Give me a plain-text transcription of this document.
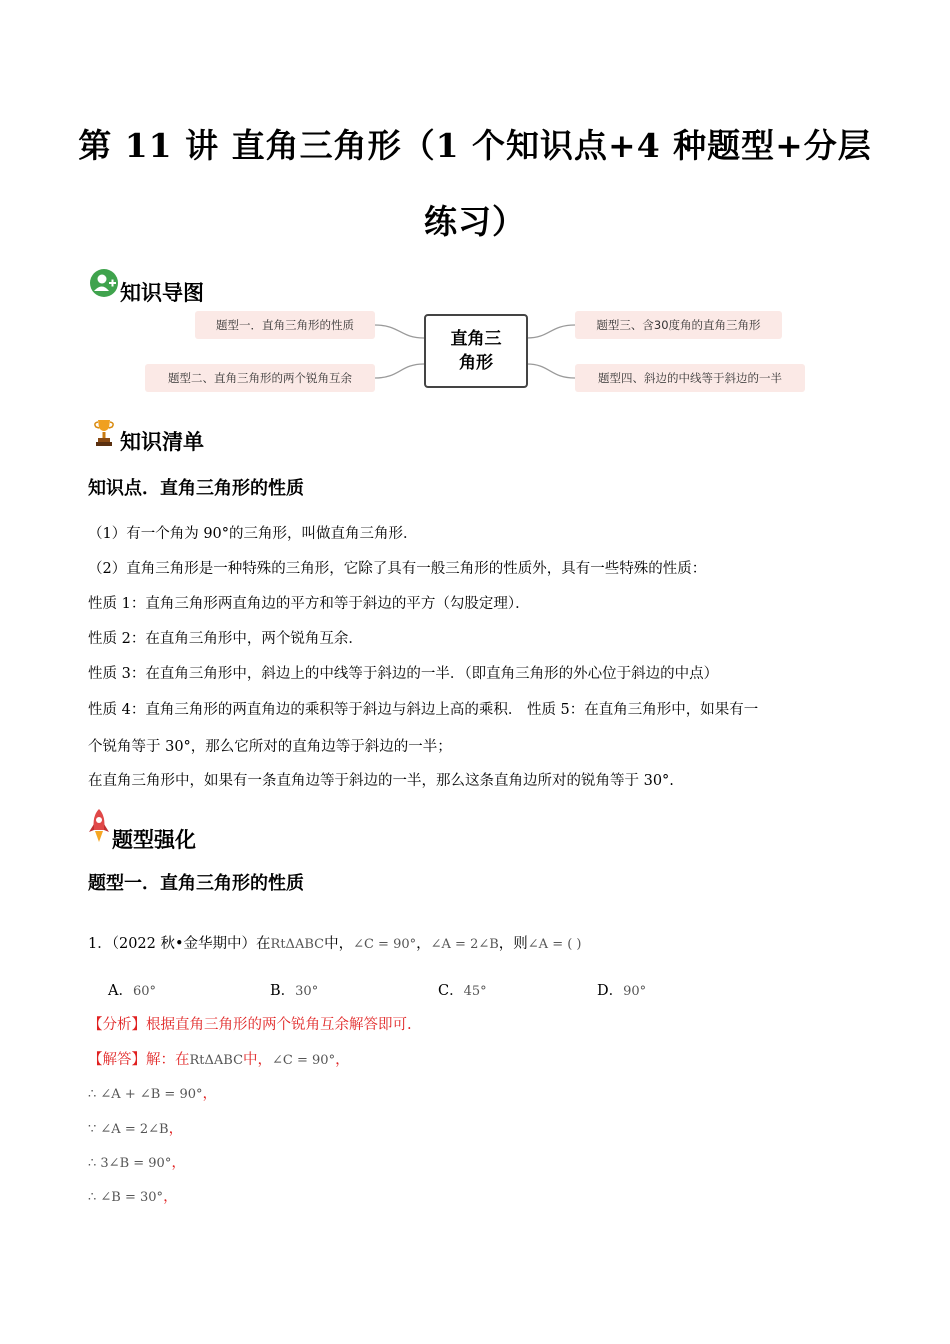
第 11 讲 直角三角形（1 个知识点+4 种题型+分层
练习）
知识导图
题型一．直角三角形的性质
题型二、直角三角形的两个锐角互余
题型三、含30度角的直角三角形
题型四、斜边的中线等于斜边的一半
直角三
角形
知识清单
知识点．直角三角形的性质
（1）有一个角为 90°的三角形，叫做直角三角形．
（2）直角三角形是一种特殊的三角形，它除了具有一般三角形的性质外，具有一些特殊的性质：
性质 1：直角三角形两直角边的平方和等于斜边的平方（勾股定理）．
性质 2：在直角三角形中，两个锐角互余．
性质 3：在直角三角形中，斜边上的中线等于斜边的一半．（即直角三角形的外心位于斜边的中点）
性质 4：直角三角形的两直角边的乘积等于斜边与斜边上高的乘积． 性质 5：在直角三角形中，如果有一
个锐角等于 30°，那么它所对的直角边等于斜边的一半；
在直角三角形中，如果有一条直角边等于斜边的一半，那么这条直角边所对的锐角等于 30°.
题型强化
题型一．直角三角形的性质
1．（2022 秋•金华期中）在RtΔABC中，∠C = 90°，∠A = 2∠B，则∠A = ( )
A．60°	B．30°	C．45°	D．90°
【分析】根据直角三角形的两个锐角互余解答即可.
【解答】解：在RtΔABC中，∠C = 90°，
∴ ∠A + ∠B = 90°，
∵ ∠A = 2∠B，
∴ 3∠B = 90°，
∴ ∠B = 30°，
